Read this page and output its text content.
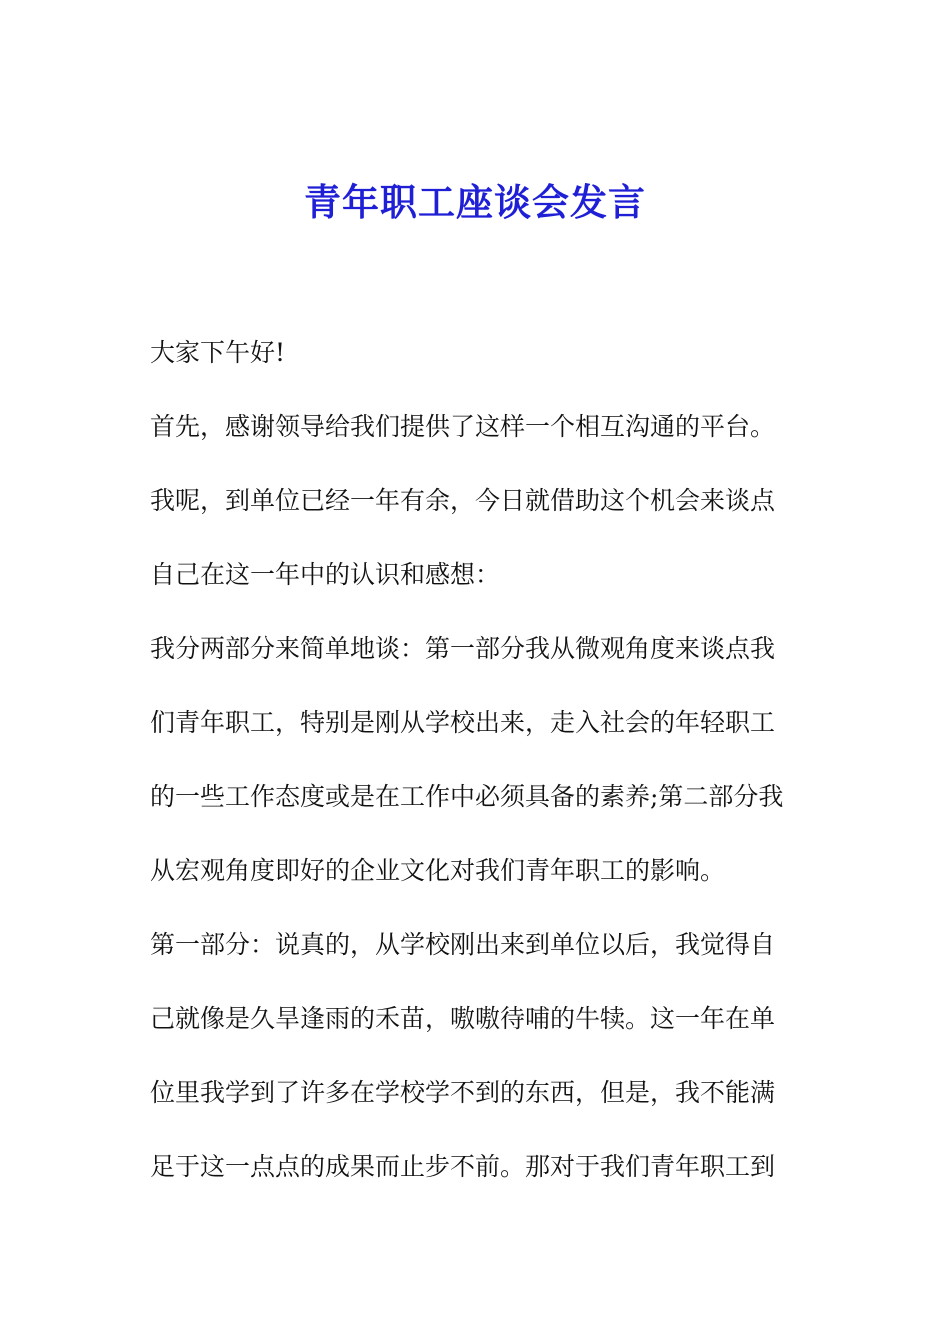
青年职工座谈会发言
大家下午好!
首先，感谢领导给我们提供了这样一个相互沟通的平台。
我呢，到单位已经一年有余，今日就借助这个机会来谈点
自己在这一年中的认识和感想：
我分两部分来简单地谈：第一部分我从微观角度来谈点我
们青年职工，特别是刚从学校出来，走入社会的年轻职工
的一些工作态度或是在工作中必须具备的素养;第二部分我
从宏观角度即好的企业文化对我们青年职工的影响。
第一部分：说真的，从学校刚出来到单位以后，我觉得自
己就像是久旱逢雨的禾苗，嗷嗷待哺的牛犊。这一年在单
位里我学到了许多在学校学不到的东西，但是，我不能满
足于这一点点的成果而止步不前。那对于我们青年职工到
